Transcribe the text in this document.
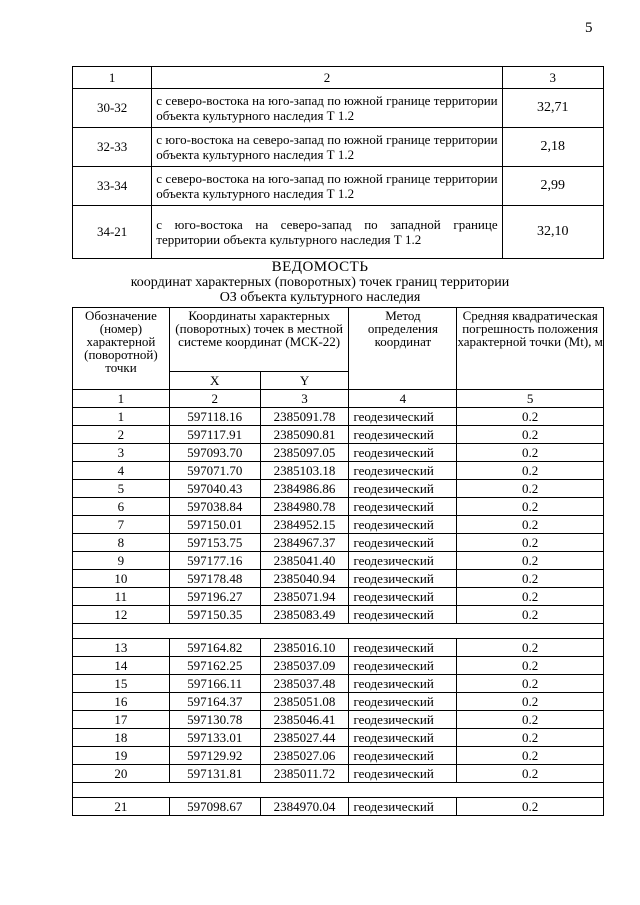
5
1	2	3
30-32	с северо-востока на юго-запад по южной границе территории объекта культурного наследия Т 1.2	32,71
32-33	с юго-востока на северо-запад по южной границе территории объекта культурного наследия Т 1.2	2,18
33-34	с северо-востока на юго-запад по южной границе территории объекта культурного наследия Т 1.2	2,99
34-21	с юго-востока на северо-запад по западной границе территории объекта культурного наследия Т 1.2	32,10
ВЕДОМОСТЬ
координат характерных (поворотных) точек границ территории
ОЗ объекта культурного наследия
Обозначение (номер) характерной (поворотной) точки	Координаты характерных (поворотных) точек в местной системе координат (МСК-22)		Метод определения координат	Средняя квадратическая погрешность положения характерной точки (Mt), м
	X	Y		
1	2	3	4	5
1	597118.16	2385091.78	геодезический	0.2
2	597117.91	2385090.81	геодезический	0.2
3	597093.70	2385097.05	геодезический	0.2
4	597071.70	2385103.18	геодезический	0.2
5	597040.43	2384986.86	геодезический	0.2
6	597038.84	2384980.78	геодезический	0.2
7	597150.01	2384952.15	геодезический	0.2
8	597153.75	2384967.37	геодезический	0.2
9	597177.16	2385041.40	геодезический	0.2
10	597178.48	2385040.94	геодезический	0.2
11	597196.27	2385071.94	геодезический	0.2
12	597150.35	2385083.49	геодезический	0.2

13	597164.82	2385016.10	геодезический	0.2
14	597162.25	2385037.09	геодезический	0.2
15	597166.11	2385037.48	геодезический	0.2
16	597164.37	2385051.08	геодезический	0.2
17	597130.78	2385046.41	геодезический	0.2
18	597133.01	2385027.44	геодезический	0.2
19	597129.92	2385027.06	геодезический	0.2
20	597131.81	2385011.72	геодезический	0.2

21	597098.67	2384970.04	геодезический	0.2
